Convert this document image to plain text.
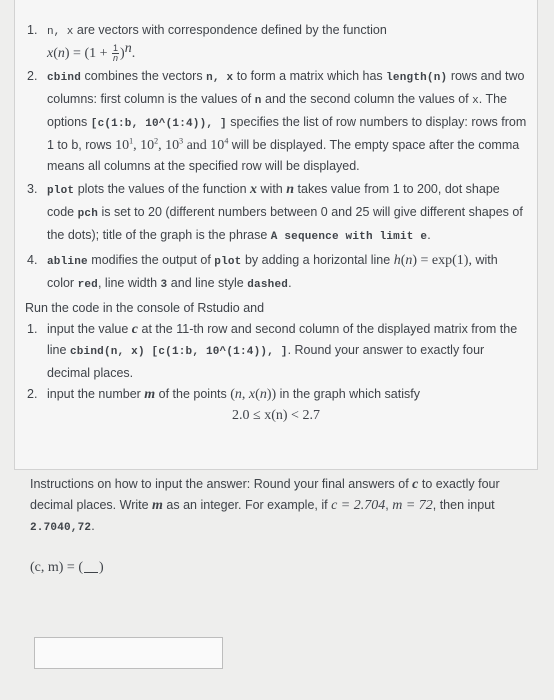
1. n, x are vectors with correspondence defined by the function
$x(n) = (1 + \frac{1}{n} )^n$.
2. cbind combines the vectors n, x to form a matrix which has length(n) rows and two columns: first column is the values of n and the second column the values of x. The options [c(1:b, 10^(1:4)), ] specifies the list of row numbers to display: rows from 1 to b, rows $10^1$, $10^2$, $10^3$ and $10^4$ will be displayed. The empty space after the comma means all columns at the specified row will be displayed.
3. plot plots the values of the function x with n takes value from 1 to 200, dot shape code pch is set to 20 (different numbers between 0 and 25 will give different shapes of the dots); title of the graph is the phrase A sequence with limit e.
4. abline modifies the output of plot by adding a horizontal line h(n) = exp(1), with color red, line width 3 and line style dashed.
Run the code in the console of Rstudio and
1. input the value c at the 11-th row and second column of the displayed matrix from the line cbind(n, x) [c(1:b, 10^(1:4)), ]. Round your answer to exactly four decimal places.
2. input the number m of the points (n, x(n)) in the graph which satisfy
2.0 ≤ x(n) < 2.7
Instructions on how to input the answer: Round your final answers of c to exactly four decimal places. Write m as an integer. For example, if c = 2.704, m = 72, then input 2.7040,72.
(c, m) = ( )
